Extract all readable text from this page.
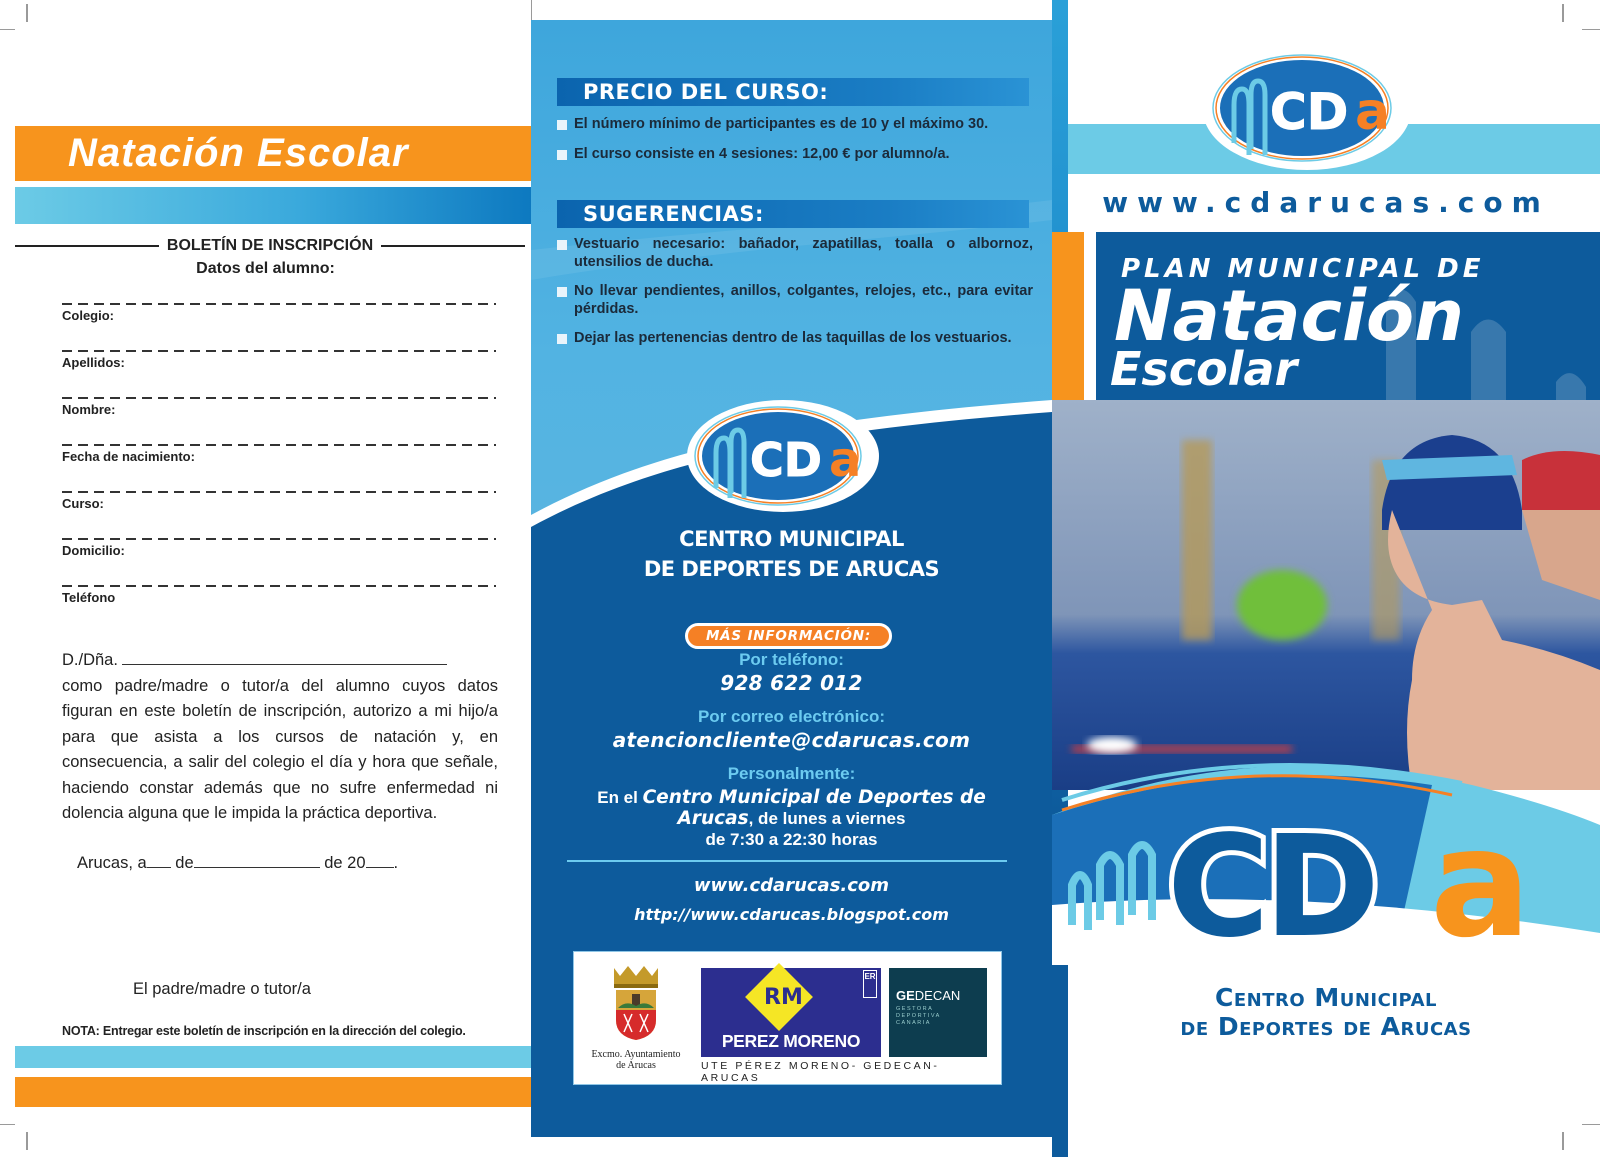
Natación Escolar
BOLETÍN DE INSCRIPCIÓN
Datos del alumno:
Colegio:
Apellidos:
Nombre:
Fecha de nacimiento:
Curso:
Domicilio:
Teléfono
D./Dña.
como padre/madre o tutor/a del alumno cuyos datos figuran en este boletín de inscripción, autorizo a mi hijo/a para que asista a los cursos de natación y, en consecuencia, a salir del colegio el día y hora que señale, haciendo constar además que no sufre enfermedad ni dolencia alguna que le impida la práctica deportiva.
Arucas, a de	de 20 .
El padre/madre o tutor/a
NOTA: Entregar este boletín de inscripción en la dirección del colegio.
PRECIO DEL CURSO:
El número mínimo de participantes es de 10 y el máximo 30.
El curso consiste en 4 sesiones: 12,00 € por alumno/a.
SUGERENCIAS:
Vestuario necesario: bañador, zapatillas, toalla o albornoz, utensilios de ducha.
No llevar pendientes, anillos, colgantes, relojes, etc., para evitar pérdidas.
Dejar las pertenencias dentro de las taquillas de los vestuarios.
CD a
CENTRO MUNICIPAL
DE DEPORTES DE ARUCAS
MÁS INFORMACIÓN:
Por teléfono:
928 622 012
Por correo electrónico:
atencioncliente@cdarucas.com
Personalmente:
En el Centro Municipal de Deportes de Arucas, de lunes a viernes
de 7:30 a 22:30 horas
www.cdarucas.com
http://www.cdarucas.blogspot.com
Excmo. Ayuntamiento
de Arucas
RM
ER
PEREZ MORENO
GEDECAN
GESTORA
DEPORTIVA
CANARIA
UTE PÉREZ MORENO- GEDECAN-ARUCAS
CD a
www.cdarucas.com
PLAN MUNICIPAL DE
Natación
Escolar
CD a
Centro Municipal
de Deportes de Arucas
